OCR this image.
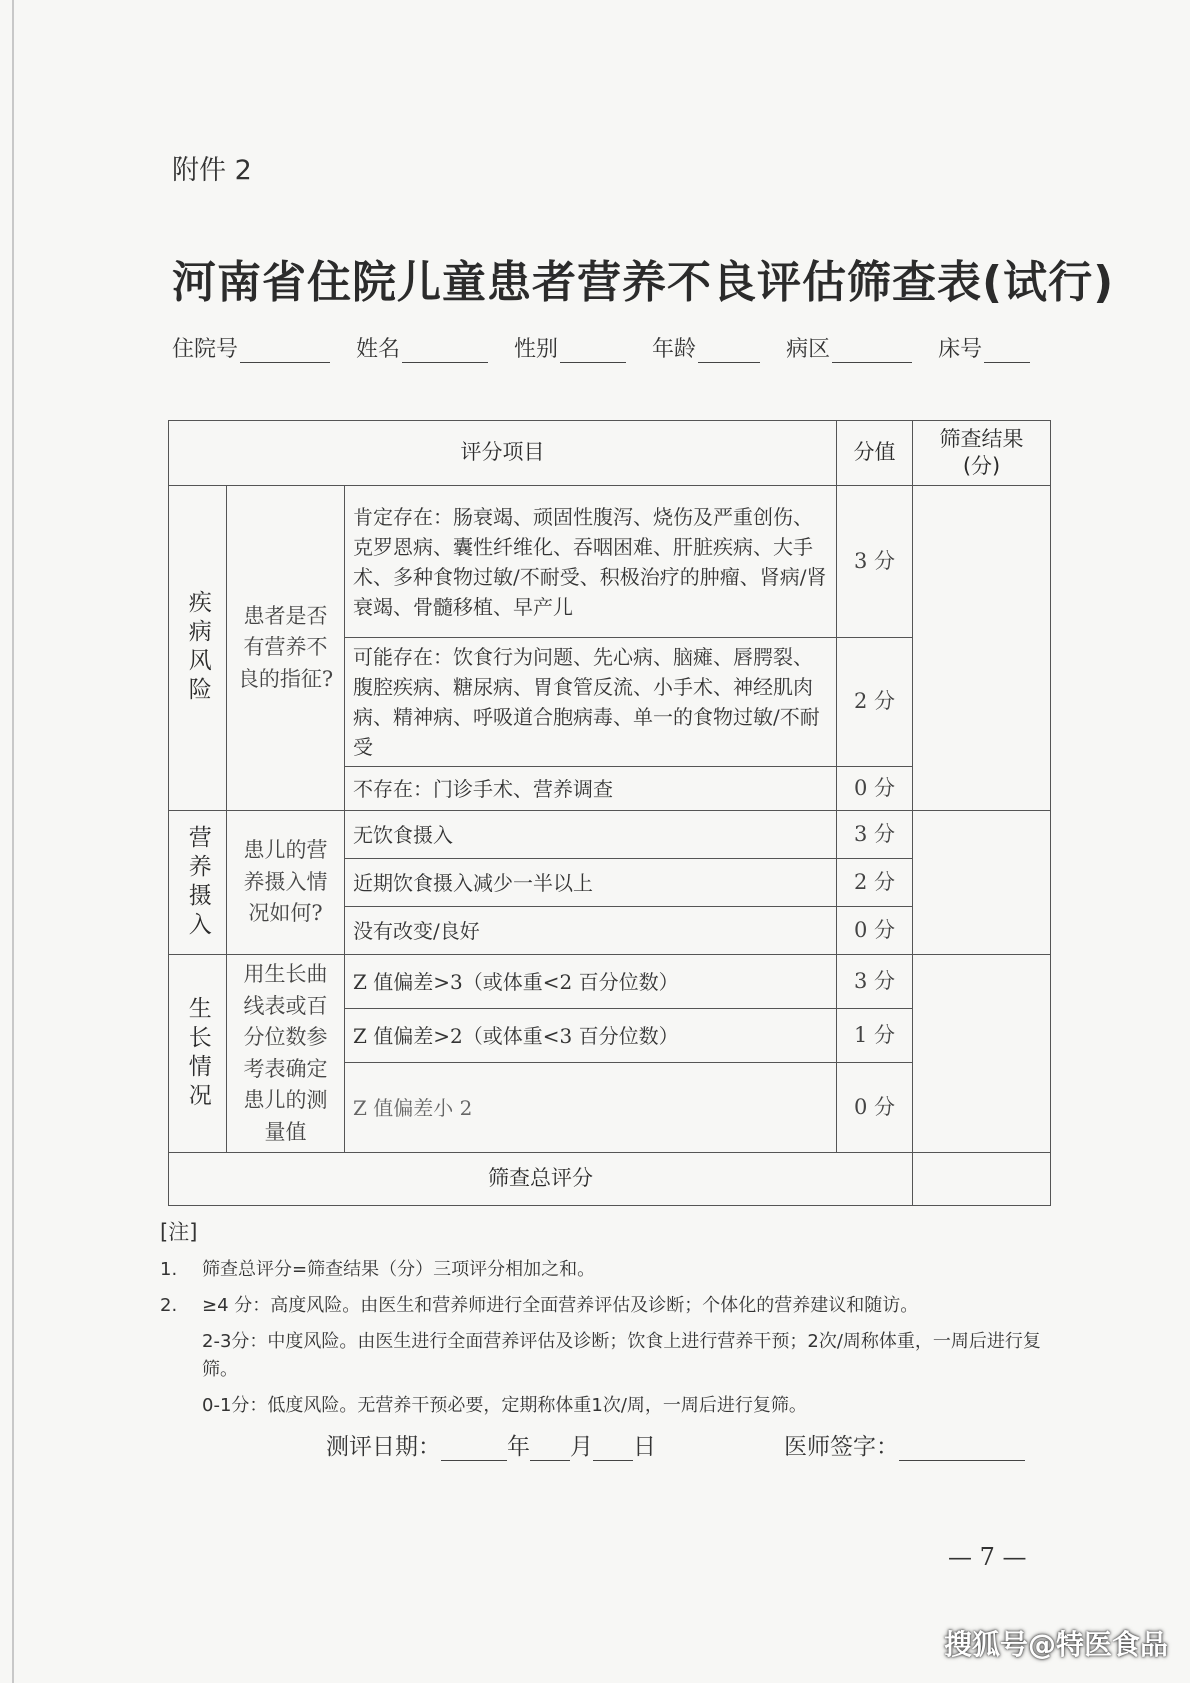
附件 2
河南省住院儿童患者营养不良评估筛查表(试行)
住院号	姓名	性别	年龄	病区	床号
评分项目			分值	筛查结果(分)
疾病风险	患者是否有营养不良的指征?	肯定存在：肠衰竭、顽固性腹泻、烧伤及严重创伤、克罗恩病、囊性纤维化、吞咽困难、肝脏疾病、大手术、多种食物过敏/不耐受、积极治疗的肿瘤、肾病/肾衰竭、骨髓移植、早产儿	3 分	
		可能存在：饮食行为问题、先心病、脑瘫、唇腭裂、腹腔疾病、糖尿病、胃食管反流、小手术、神经肌肉病、精神病、呼吸道合胞病毒、单一的食物过敏/不耐受	2 分	
		不存在：门诊手术、营养调查	0 分	
营养摄入	患儿的营养摄入情况如何?	无饮食摄入	3 分	
		近期饮食摄入减少一半以上	2 分	
		没有改变/良好	0 分	
生长情况	用生长曲线表或百分位数参考表确定患儿的测量值	Z 值偏差>3（或体重<2 百分位数）	3 分	
		Z 值偏差>2（或体重<3 百分位数）	1 分	
		Z 值偏差小 2	0 分	
筛查总评分				
[注]
1.	筛查总评分=筛查结果（分）三项评分相加之和。
2.	≥4 分：高度风险。由医生和营养师进行全面营养评估及诊断；个体化的营养建议和随访。
2-3分：中度风险。由医生进行全面营养评估及诊断；饮食上进行营养干预；2次/周称体重，一周后进行复筛。
0-1分：低度风险。无营养干预必要，定期称体重1次/周，一周后进行复筛。
测评日期：	年 月 日	医师签字：
— 7 —
搜狐号@特医食品
